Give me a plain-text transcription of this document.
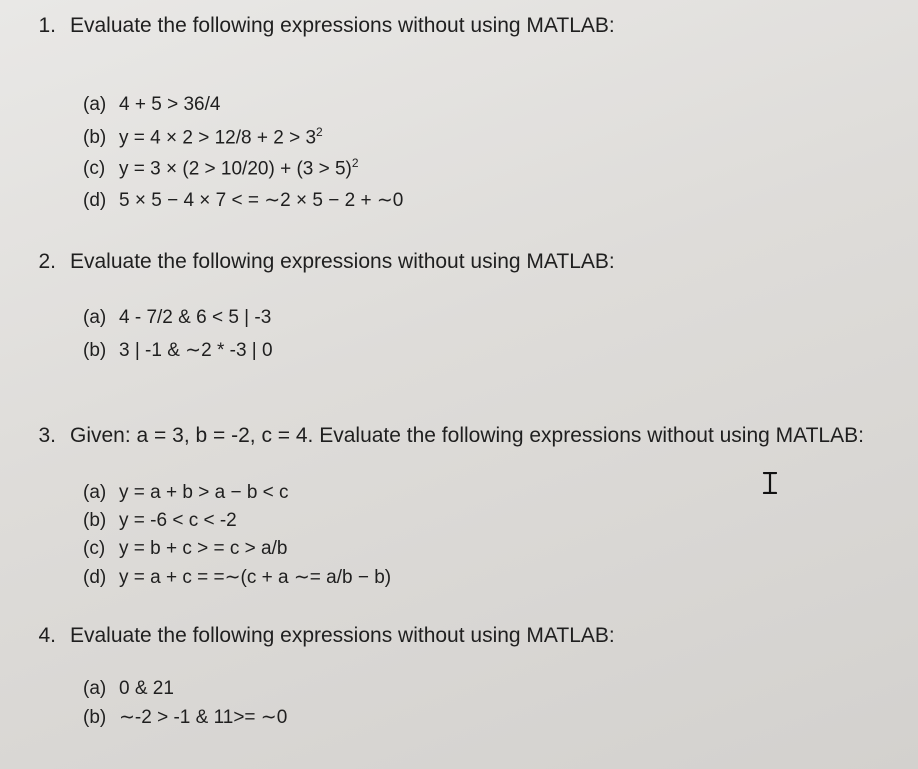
1. Evaluate the following expressions without using MATLAB:
(a) 4 + 5 > 36/4
(b) $y = 4 \times 2 > 12/8 + 2 > 3^2$
(c) y = 3 × (2 > 10/20) + (3 > 5)$^2$
(d) 5 × 5 − 4 × 7 < = ∼2 × 5 − 2 + ∼0
2. Evaluate the following expressions without using MATLAB:
(a) 4 - 7/2 & 6 < 5 | -3
(b) 3 | -1 & ∼2 * -3 | 0
3. Given: a = 3, b = -2, c = 4. Evaluate the following expressions without using MATLAB:
(a) y = a + b > a − b < c
(b) y = -6 < c < -2
(c) y = b + c > = c > a/b
(d) y = a + c = =∼(c + a ∼= a/b − b)
4. Evaluate the following expressions without using MATLAB:
(a) 0 & 21
(b) ∼-2 > -1 & 11>= ∼0
